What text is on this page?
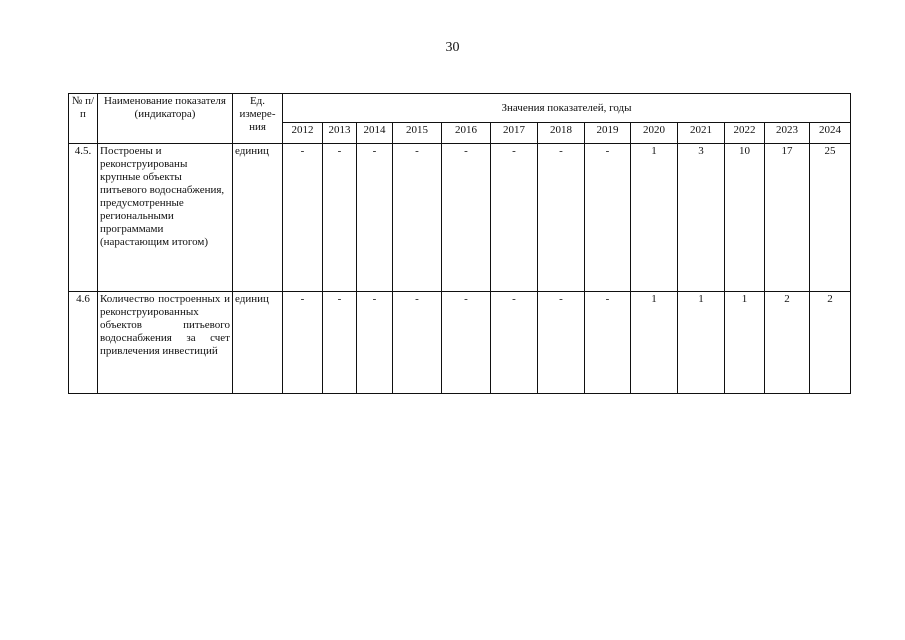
30
№ п/п	Наименование показателя (индикатора)	Ед. измере-ния	Значения показателей, годы												
			2012	2013	2014	2015	2016	2017	2018	2019	2020	2021	2022	2023	2024
4.5.	Построены и реконструированы крупные объекты питьевого водоснабжения, предусмотренные региональными программами (нарастающим итогом)	единиц	-	-	-	-	-	-	-	-	1	3	10	17	25
4.6	Количество построенных и реконструированных объектов питьевого водоснабжения за счет привлечения инвестиций	единиц	-	-	-	-	-	-	-	-	1	1	1	2	2
